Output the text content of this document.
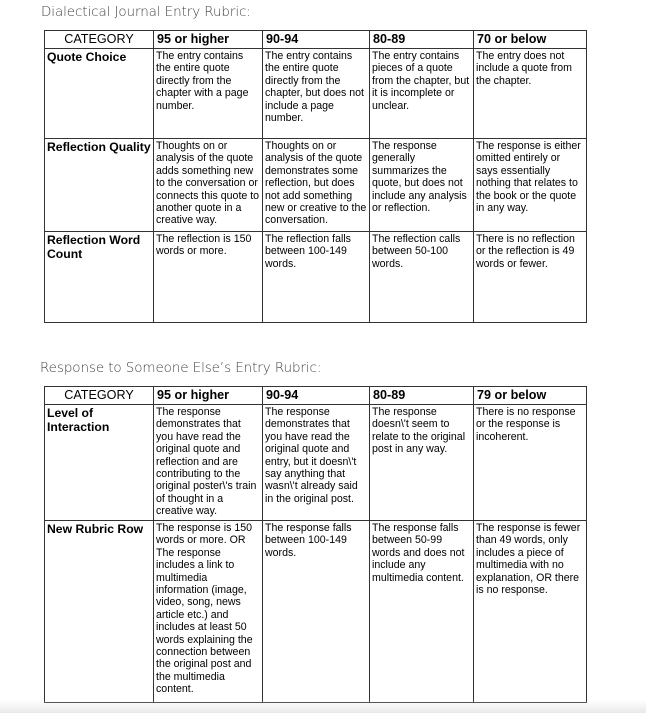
Dialectical Journal Entry Rubric:
CATEGORY	95 or higher	90-94	80-89	70 or below
Quote Choice	The entry contains the entire quote directly from the chapter with a page number.	The entry contains the entire quote directly from the chapter, but does not include a page number.	The entry contains pieces of a quote from the chapter, but it is incomplete or unclear.	The entry does not include a quote from the chapter.
Reflection Quality	Thoughts on or analysis of the quote adds something new to the conversation or connects this quote to another quote in a creative way.	Thoughts on or analysis of the quote demonstrates some reflection, but does not add something new or creative to the conversation.	The response generally summarizes the quote, but does not include any analysis or reflection.	The response is either omitted entirely or says essentially nothing that relates to the book or the quote in any way.
Reflection Word Count	The reflection is 150 words or more.	The reflection falls between 100-149 words.	The reflection calls between 50-100 words.	There is no reflection or the reflection is 49 words or fewer.
Response to Someone Else’s Entry Rubric:
CATEGORY	95 or higher	90-94	80-89	79 or below
Level of Interaction	The response demonstrates that you have read the original quote and reflection and are contributing to the original poster\'s train of thought in a creative way.	The response demonstrates that you have read the original quote and entry, but it doesn\'t say anything that wasn\'t already said in the original post.	The response doesn\'t seem to relate to the original post in any way.	There is no response or the response is incoherent.
New Rubric Row	The response is 150 words or more. OR The response includes a link to multimedia information (image, video, song, news article etc.) and includes at least 50 words explaining the connection between the original post and the multimedia content.	The response falls between 100-149 words.	The response falls between 50-99 words and does not include any multimedia content.	The response is fewer than 49 words, only includes a piece of multimedia with no explanation, OR there is no response.
